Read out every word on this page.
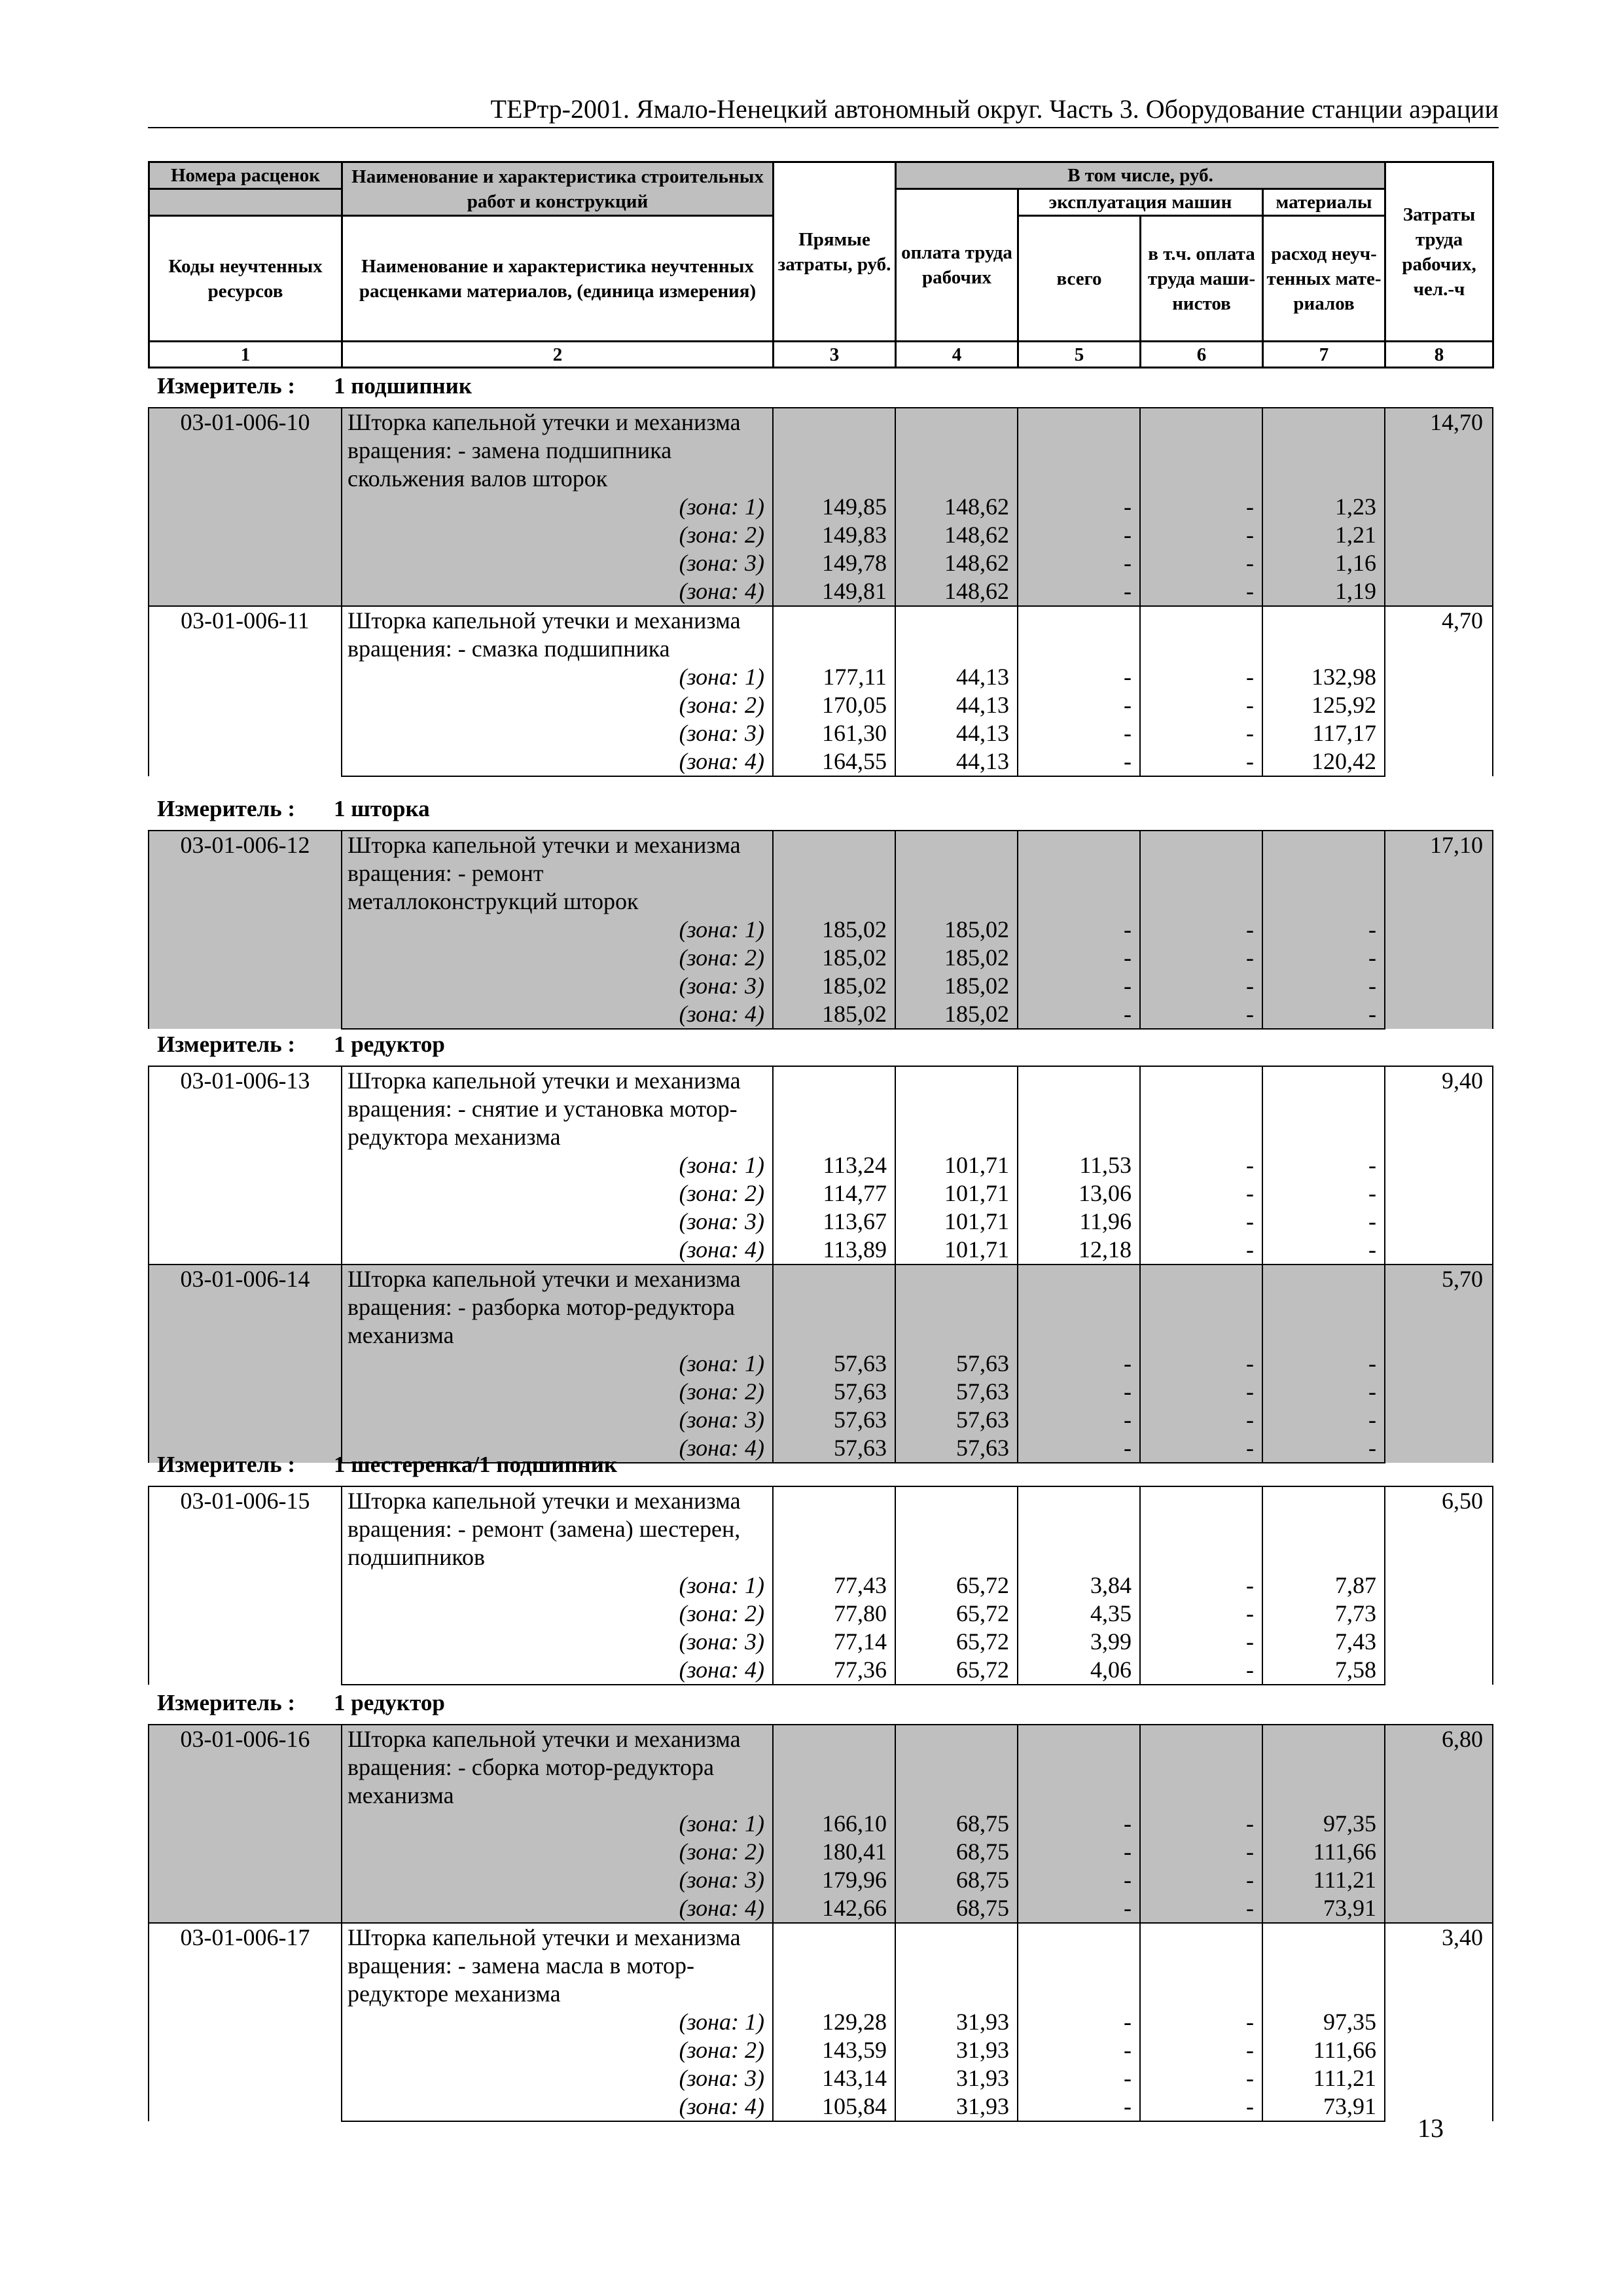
ТЕРтр-2001. Ямало-Ненецкий автономный округ. Часть 3. Оборудование станции аэрации
Номера расценок	Наименование и характеристика строительных работ и конструкций	Прямые затраты, руб.	В том числе, руб.				Затраты труда рабочих, чел.-ч
			оплата труда рабочих	эксплуатация машин		материалы	
Коды неучтенных ресурсов	Наименование и характеристика неучтенных расценками материалов, (единица измерения)			всего	в т.ч. оплата труда маши-нистов	расход неуч-тенных мате-риалов	

1	2	3	4	5	6	7	8
Измеритель : 1 подшипник
03-01-006-10	Шторка капельной утечки и механизма						14,70
	вращения: - замена подшипника						
	скольжения валов шторок						
	(зона: 1)	149,85	148,62	-	-	1,23	
	(зона: 2)	149,83	148,62	-	-	1,21	
	(зона: 3)	149,78	148,62	-	-	1,16	
	(зона: 4)	149,81	148,62	-	-	1,19	
03-01-006-11	Шторка капельной утечки и механизма						4,70
	вращения: - смазка подшипника						
	(зона: 1)	177,11	44,13	-	-	132,98	
	(зона: 2)	170,05	44,13	-	-	125,92	
	(зона: 3)	161,30	44,13	-	-	117,17	
	(зона: 4)	164,55	44,13	-	-	120,42	
Измеритель : 1 шторка
03-01-006-12	Шторка капельной утечки и механизма						17,10
	вращения: - ремонт						
	металлоконструкций шторок						
	(зона: 1)	185,02	185,02	-	-	-	
	(зона: 2)	185,02	185,02	-	-	-	
	(зона: 3)	185,02	185,02	-	-	-	
	(зона: 4)	185,02	185,02	-	-	-	
Измеритель : 1 редуктор
03-01-006-13	Шторка капельной утечки и механизма						9,40
	вращения: - снятие и установка мотор-						
	редуктора механизма						
	(зона: 1)	113,24	101,71	11,53	-	-	
	(зона: 2)	114,77	101,71	13,06	-	-	
	(зона: 3)	113,67	101,71	11,96	-	-	
	(зона: 4)	113,89	101,71	12,18	-	-	
03-01-006-14	Шторка капельной утечки и механизма						5,70
	вращения: - разборка мотор-редуктора						
	механизма						
	(зона: 1)	57,63	57,63	-	-	-	
	(зона: 2)	57,63	57,63	-	-	-	
	(зона: 3)	57,63	57,63	-	-	-	
	(зона: 4)	57,63	57,63	-	-	-	
Измеритель : 1 шестеренка/1 подшипник
03-01-006-15	Шторка капельной утечки и механизма						6,50
	вращения: - ремонт (замена) шестерен,						
	подшипников						
	(зона: 1)	77,43	65,72	3,84	-	7,87	
	(зона: 2)	77,80	65,72	4,35	-	7,73	
	(зона: 3)	77,14	65,72	3,99	-	7,43	
	(зона: 4)	77,36	65,72	4,06	-	7,58	
Измеритель : 1 редуктор
03-01-006-16	Шторка капельной утечки и механизма						6,80
	вращения: - сборка мотор-редуктора						
	механизма						
	(зона: 1)	166,10	68,75	-	-	97,35	
	(зона: 2)	180,41	68,75	-	-	111,66	
	(зона: 3)	179,96	68,75	-	-	111,21	
	(зона: 4)	142,66	68,75	-	-	73,91	
03-01-006-17	Шторка капельной утечки и механизма						3,40
	вращения: - замена масла в мотор-						
	редукторе механизма						
	(зона: 1)	129,28	31,93	-	-	97,35	
	(зона: 2)	143,59	31,93	-	-	111,66	
	(зона: 3)	143,14	31,93	-	-	111,21	
	(зона: 4)	105,84	31,93	-	-	73,91	
13
